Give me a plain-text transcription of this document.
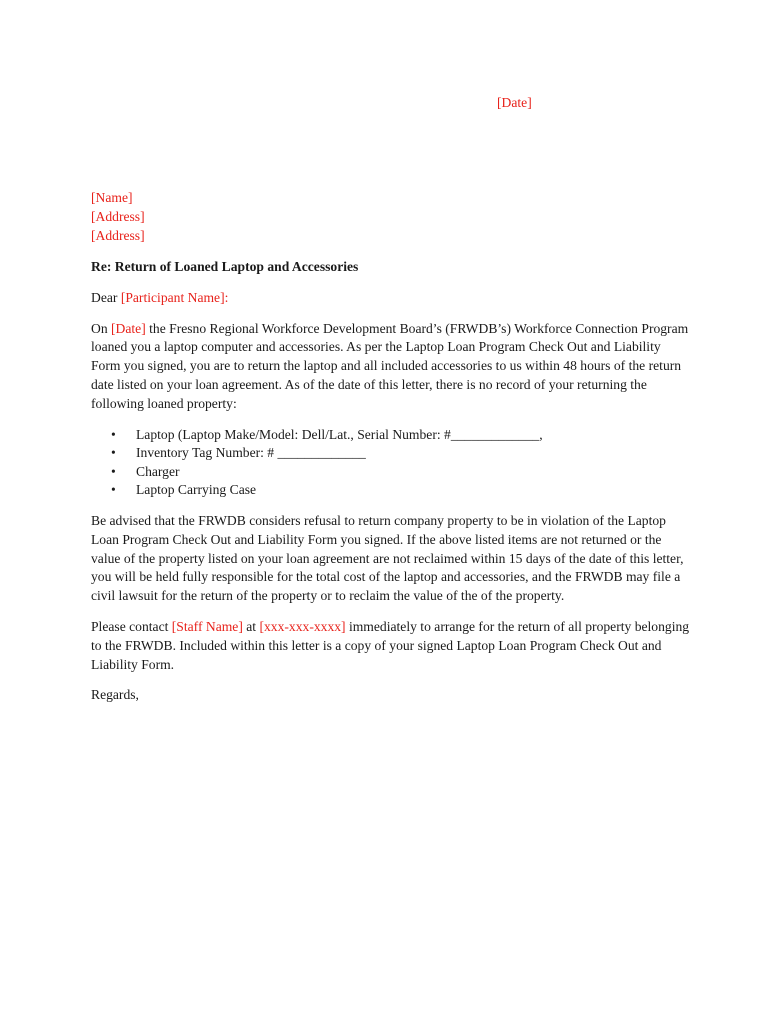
[Date]
[Name]
[Address]
[Address]

Re: Return of Loaned Laptop and Accessories

Dear [Participant Name]:

On [Date] the Fresno Regional Workforce Development Board’s (FRWDB’s) Workforce Connection Program loaned you a laptop computer and accessories. As per the Laptop Loan Program Check Out and Liability Form you signed, you are to return the laptop and all included accessories to us within 48 hours of the return date listed on your loan agreement. As of the date of this letter, there is no record of your returning the following loaned property:

• Laptop (Laptop Make/Model: Dell/Lat., Serial Number: #_____________,
• Inventory Tag Number: # _____________
• Charger
• Laptop Carrying Case

Be advised that the FRWDB considers refusal to return company property to be in violation of the Laptop Loan Program Check Out and Liability Form you signed. If the above listed items are not returned or the value of the property listed on your loan agreement are not reclaimed within 15 days of the date of this letter, you will be held fully responsible for the total cost of the laptop and accessories, and the FRWDB may file a civil lawsuit for the return of the property or to reclaim the value of the of the property.

Please contact [Staff Name] at [xxx-xxx-xxxx] immediately to arrange for the return of all property belonging to the FRWDB. Included within this letter is a copy of your signed Laptop Loan Program Check Out and Liability Form.

Regards,
